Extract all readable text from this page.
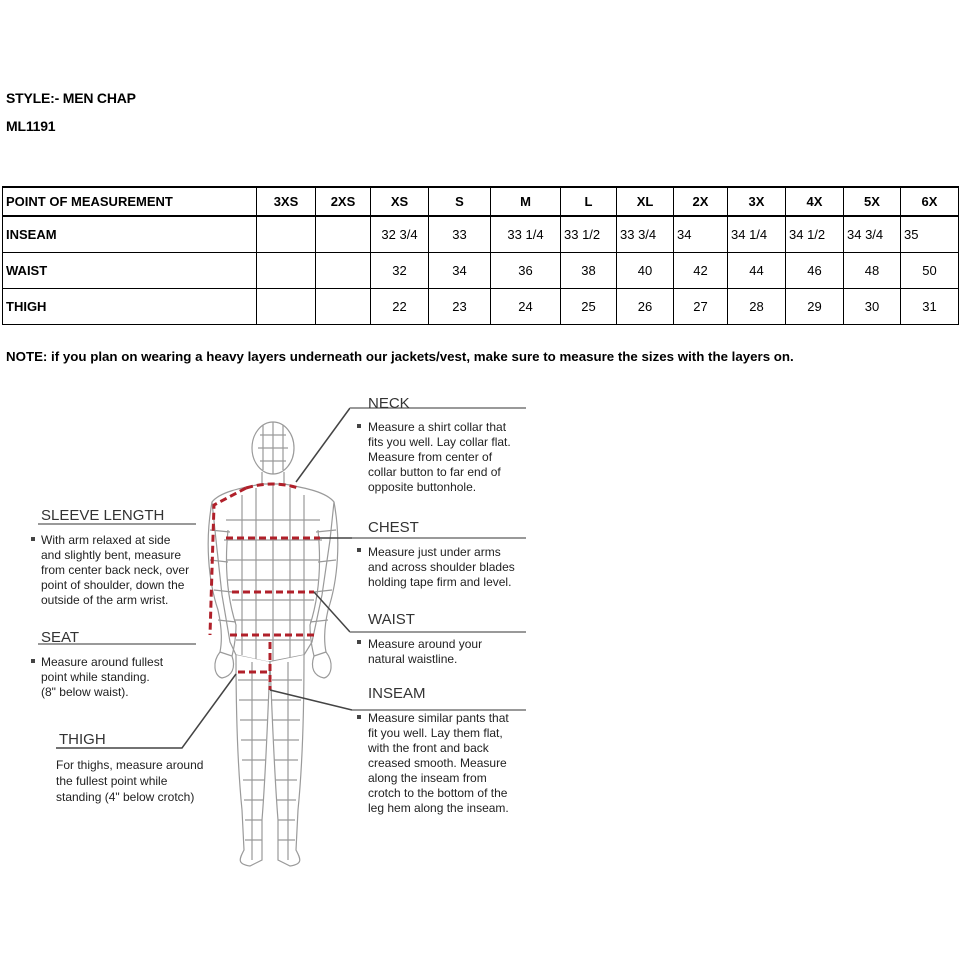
STYLE:- MEN CHAP
ML1191
POINT OF MEASUREMENT	3XS	2XS	XS	S	M	L	XL	2X	3X	4X	5X	6X
INSEAM			32 3/4	33	33 1/4	33 1/2	33 3/4	34	34 1/4	34 1/2	34 3/4	35
WAIST			32	34	36	38	40	42	44	46	48	50
THIGH			22	23	24	25	26	27	28	29	30	31
NOTE: if you plan on wearing a heavy layers underneath our jackets/vest, make sure to measure the sizes with the layers on.
NECK
Measure a shirt collar that
fits you well. Lay collar flat.
Measure from center of
collar button to far end of
opposite buttonhole.
CHEST
Measure just under arms
and across shoulder blades
holding tape firm and level.
WAIST
Measure around your
natural waistline.
INSEAM
Measure similar pants that
fit you well. Lay them flat,
with the front and back
creased smooth. Measure
along the inseam from
crotch to the bottom of the
leg hem along the inseam.
SLEEVE LENGTH
With arm relaxed at side
and slightly bent, measure
from center back neck, over
point of shoulder, down the
outside of the arm wrist.
SEAT
Measure around fullest
point while standing.
(8" below waist).
THIGH
For thighs, measure around
the fullest point while
standing (4" below crotch)
